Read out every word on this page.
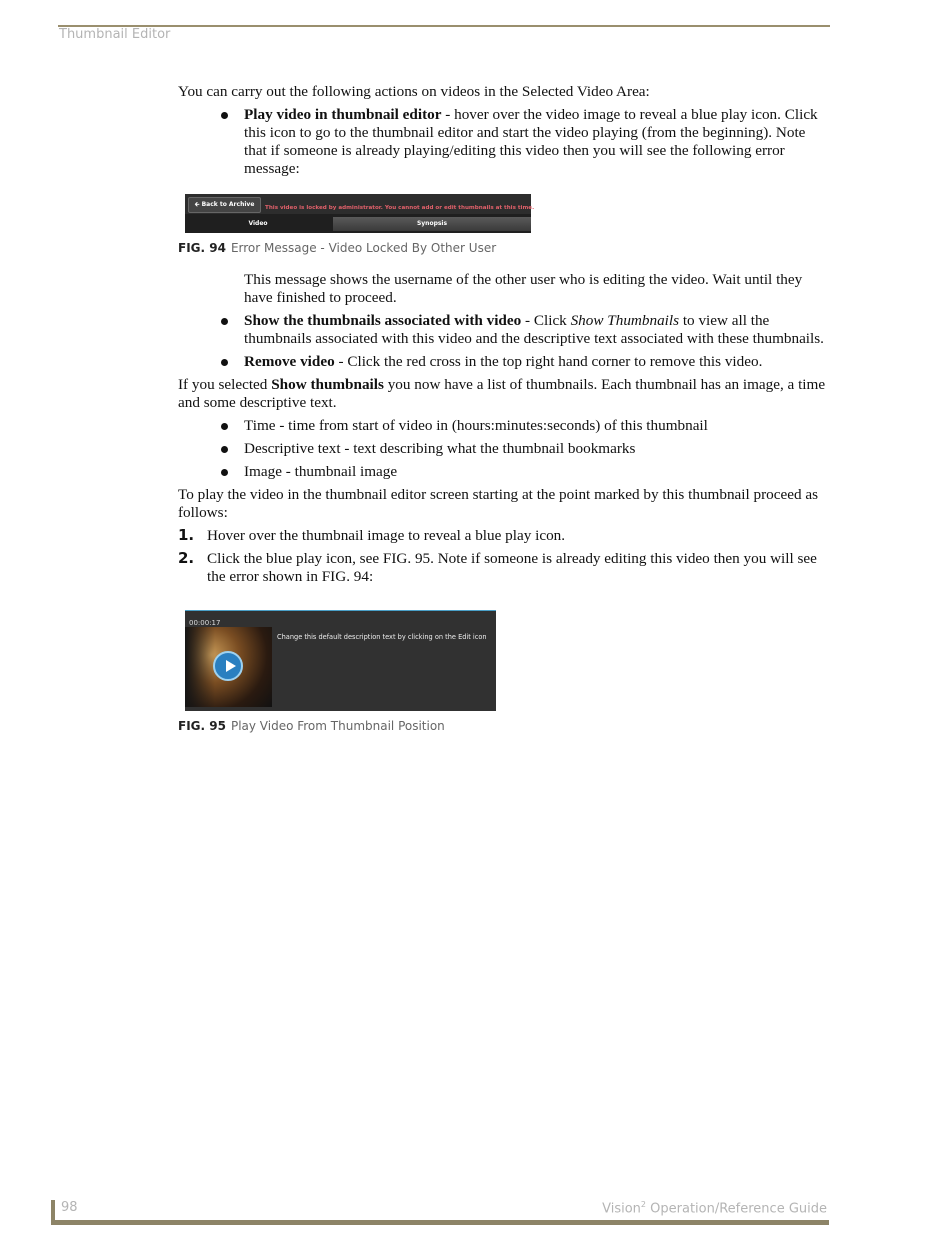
Thumbnail Editor

You can carry out the following actions on videos in the Selected Video Area:

Play video in thumbnail editor - hover over the video image to reveal a blue play icon. Click this icon to go to the thumbnail editor and start the video playing (from the beginning). Note that if someone is already playing/editing this video then you will see the following error message:
🡰 Back to Archive	This video is locked by administrator. You cannot add or edit thumbnails at this time.
Video	Synopsis

FIG. 94 Error Message - Video Locked By Other User

This message shows the username of the other user who is editing the video. Wait until they have finished to proceed.

Show the thumbnails associated with video - Click Show Thumbnails to view all the thumbnails associated with this video and the descriptive text associated with these thumbnails.
Remove video - Click the red cross in the top right hand corner to remove this video.

If you selected Show thumbnails you now have a list of thumbnails. Each thumbnail has an image, a time and some descriptive text.

Time - time from start of video in (hours:minutes:seconds) of this thumbnail
Descriptive text - text describing what the thumbnail bookmarks
Image - thumbnail image

To play the video in the thumbnail editor screen starting at the point marked by this thumbnail proceed as follows:

1. Hover over the thumbnail image to reveal a blue play icon.
2. Click the blue play icon, see FIG. 95. Note if someone is already editing this video then you will see the error shown in FIG. 94:
00:00:17
Change this default description text by clicking on the Edit icon

FIG. 95 Play Video From Thumbnail Position

98	Vision$^2$ Operation/Reference Guide
